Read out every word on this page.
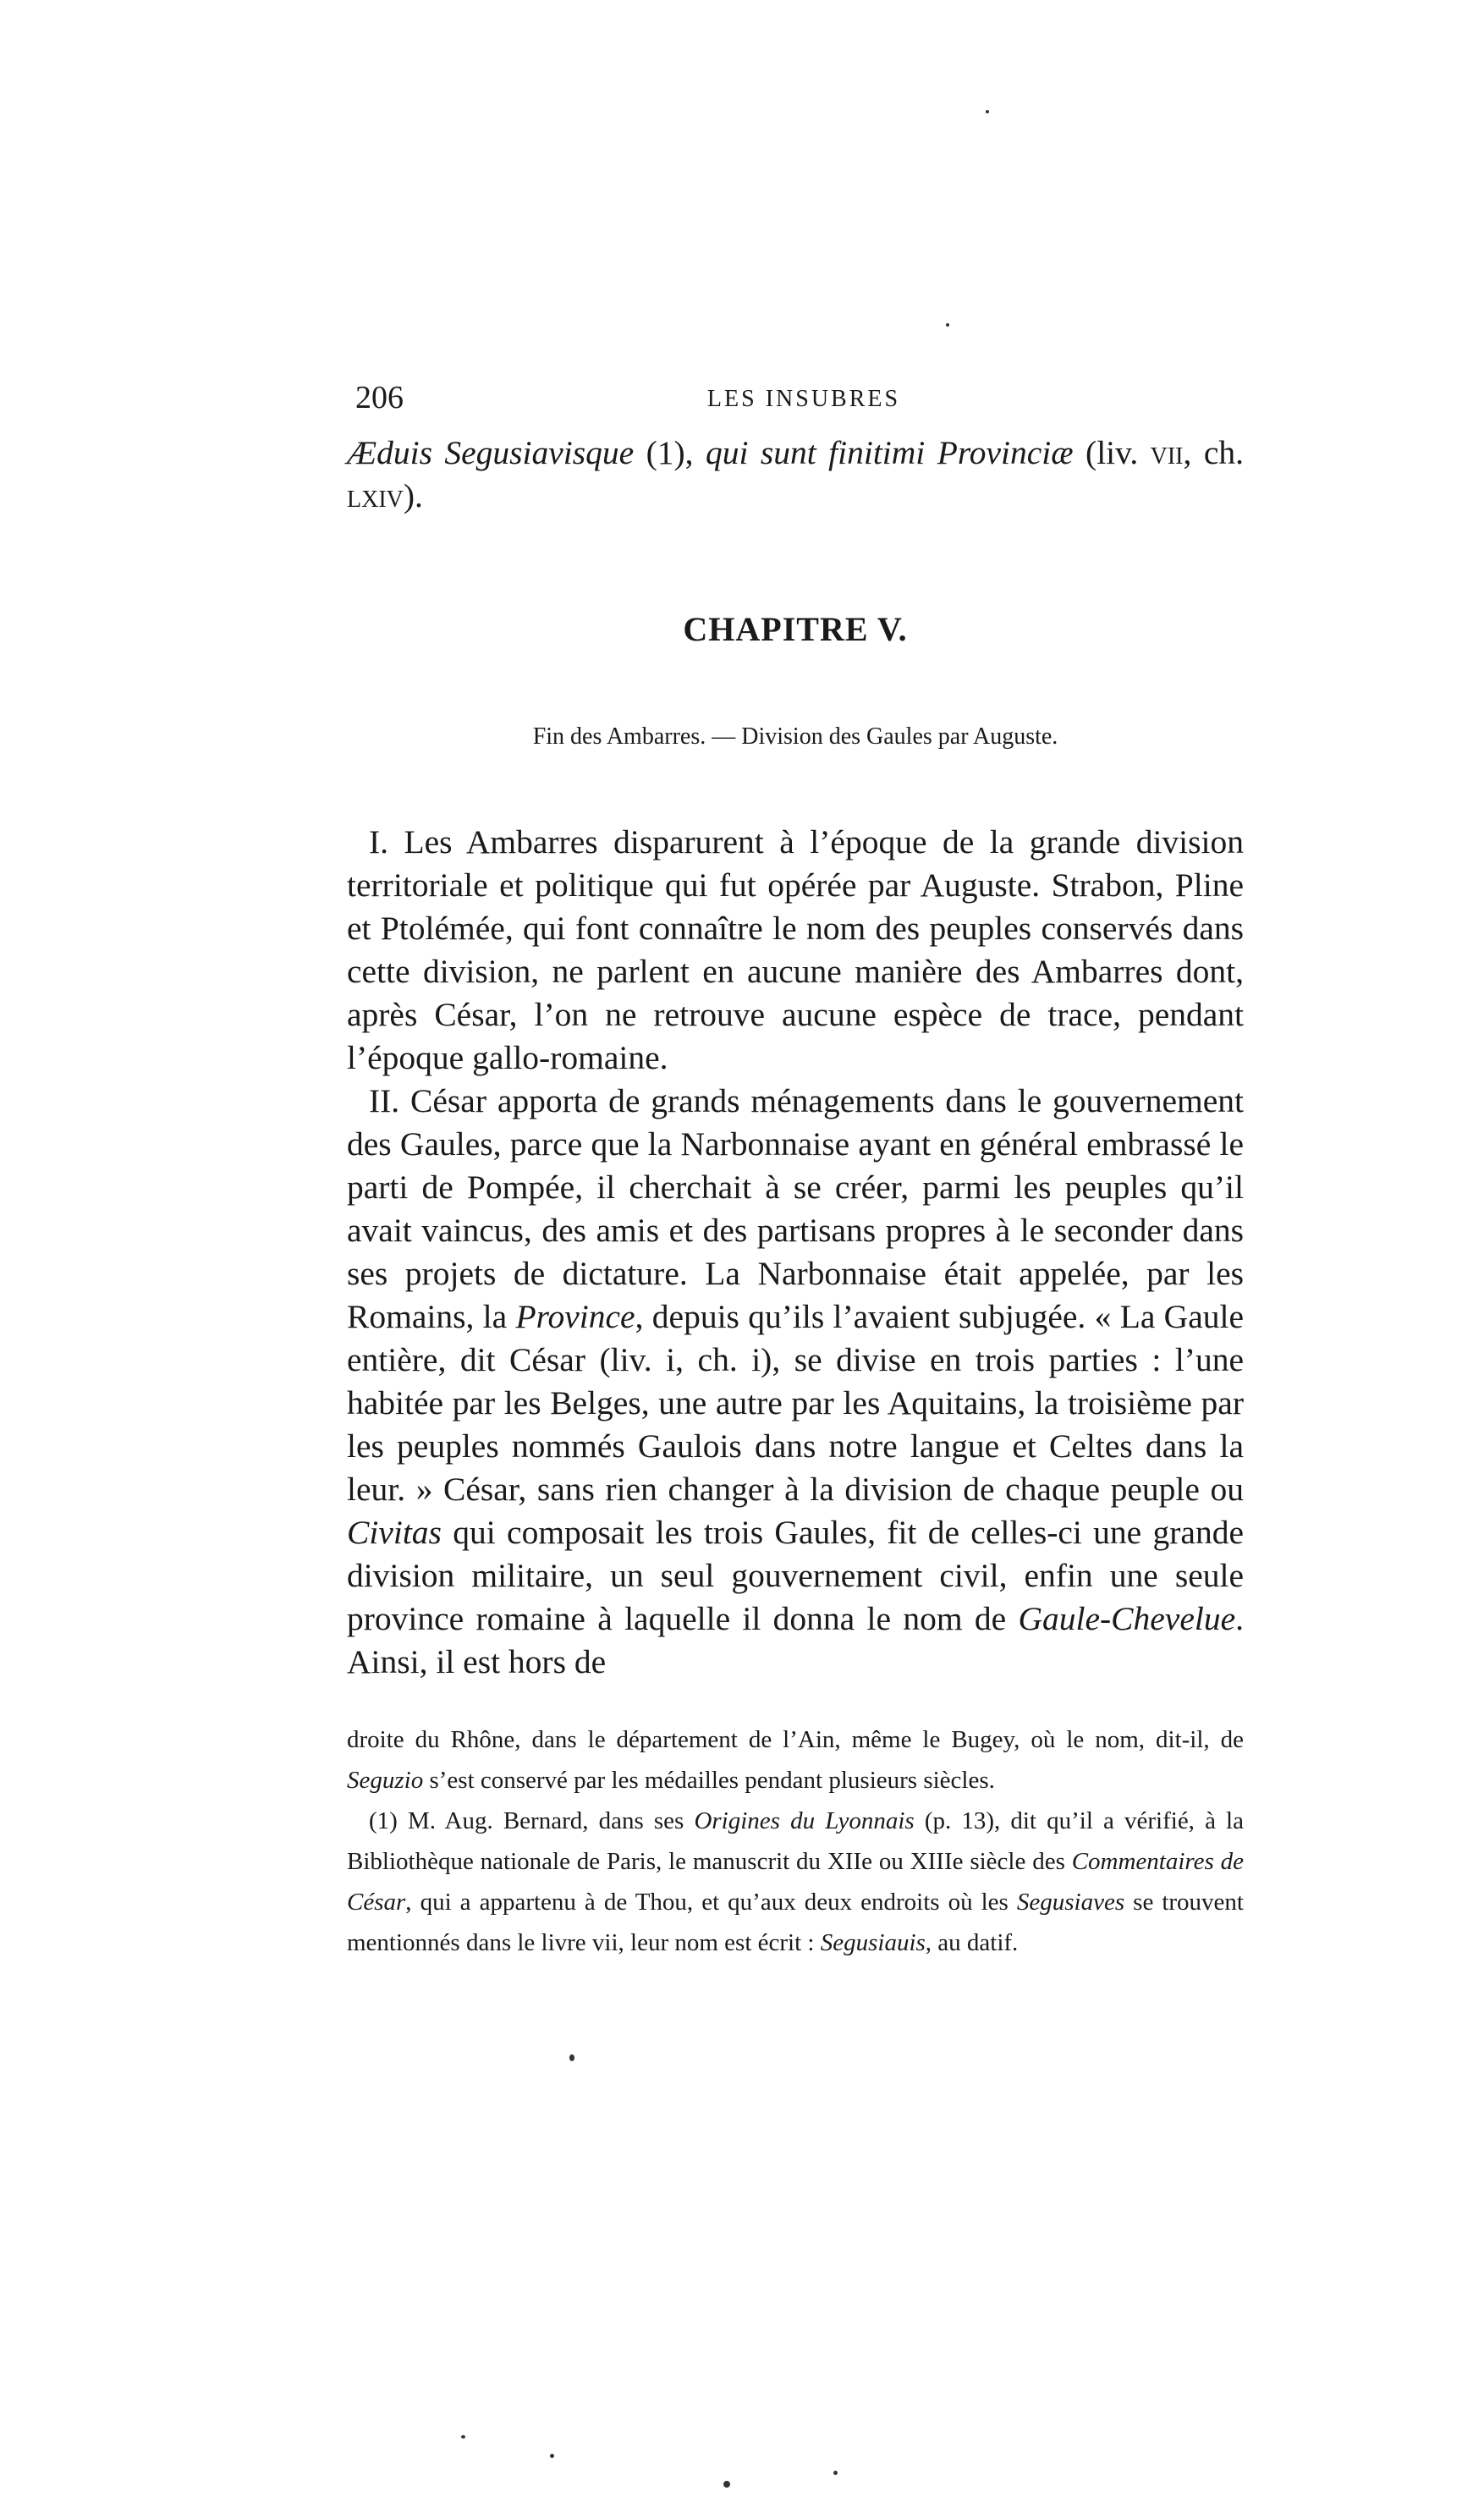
206	LES INSUBRES

Æduis Segusiavisque (1), qui sunt finitimi Provinciæ (liv. vii, ch. lxiv).

CHAPITRE V.
Fin des Ambarres. — Division des Gaules par Auguste.

I. Les Ambarres disparurent à l’époque de la grande division territoriale et politique qui fut opérée par Auguste. Strabon, Pline et Ptolémée, qui font connaître le nom des peuples conservés dans cette division, ne parlent en aucune manière des Ambarres dont, après César, l’on ne retrouve aucune espèce de trace, pendant l’époque gallo-romaine.

II. César apporta de grands ménagements dans le gouvernement des Gaules, parce que la Narbonnaise ayant en général embrassé le parti de Pompée, il cherchait à se créer, parmi les peuples qu’il avait vaincus, des amis et des partisans propres à le seconder dans ses projets de dictature. La Narbonnaise était appelée, par les Romains, la Province, depuis qu’ils l’avaient subjugée. « La Gaule entière, dit César (liv. i, ch. i), se divise en trois parties : l’une habitée par les Belges, une autre par les Aquitains, la troisième par les peuples nommés Gaulois dans notre langue et Celtes dans la leur. » César, sans rien changer à la division de chaque peuple ou Civitas qui composait les trois Gaules, fit de celles-ci une grande division militaire, un seul gouvernement civil, enfin une seule province romaine à laquelle il donna le nom de Gaule-Chevelue. Ainsi, il est hors de

droite du Rhône, dans le département de l’Ain, même le Bugey, où le nom, dit-il, de Seguzio s’est conservé par les médailles pendant plusieurs siècles.

(1) M. Aug. Bernard, dans ses Origines du Lyonnais (p. 13), dit qu’il a vérifié, à la Bibliothèque nationale de Paris, le manuscrit du XIIe ou XIIIe siècle des Commentaires de César, qui a appartenu à de Thou, et qu’aux deux endroits où les Segusiaves se trouvent mentionnés dans le livre vii, leur nom est écrit : Segusiauis, au datif.
